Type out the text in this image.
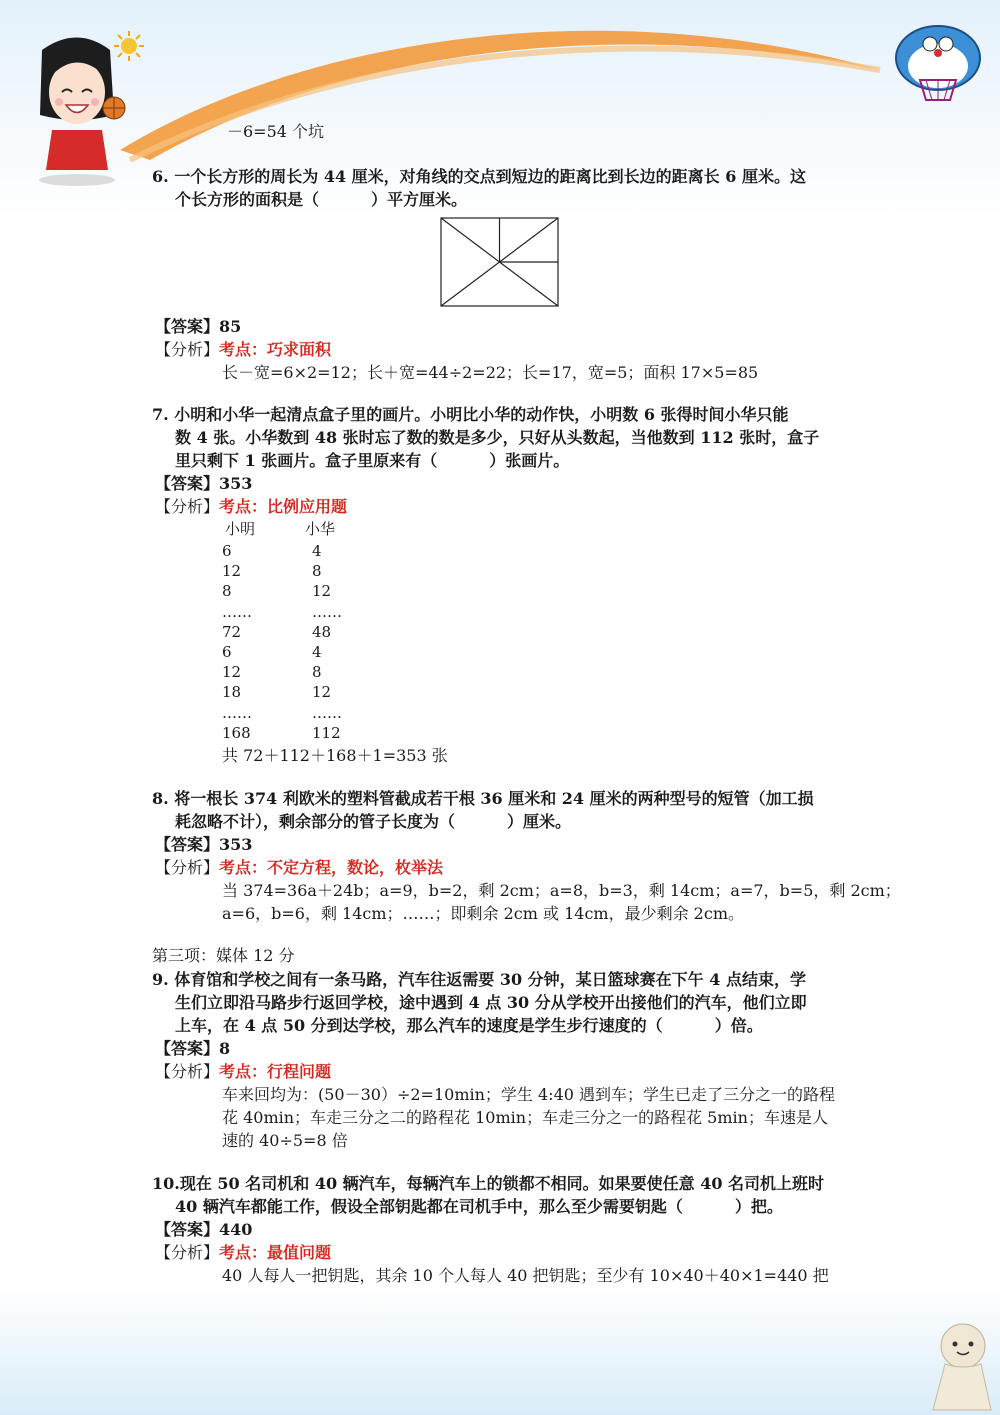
－6=54 个坑
6. 一个长方形的周长为 44 厘米，对角线的交点到短边的距离比到长边的距离长 6 厘米。这
个长方形的面积是（	）平方厘米。
【答案】85
【分析】考点：巧求面积
长－宽=6×2=12；长＋宽=44÷2=22；长=17，宽=5；面积 17×5=85
7. 小明和小华一起清点盒子里的画片。小明比小华的动作快，小明数 6 张得时间小华只能
数 4 张。小华数到 48 张时忘了数的数是多少，只好从头数起，当他数到 112 张时，盒子
里只剩下 1 张画片。盒子里原来有（	）张画片。
【答案】353
【分析】考点：比例应用题
小明	小华
6	4
12	8
8	12
……	……
72	48
6	4
12	8
18	12
……	……
168	112
共 72＋112＋168＋1=353 张
8. 将一根长 374 利欧米的塑料管截成若干根 36 厘米和 24 厘米的两种型号的短管（加工损
耗忽略不计），剩余部分的管子长度为（	）厘米。
【答案】353
【分析】考点：不定方程，数论，枚举法
当 374=36a＋24b；a=9，b=2，剩 2cm；a=8，b=3，剩 14cm；a=7，b=5，剩 2cm；
a=6，b=6，剩 14cm；……；即剩余 2cm 或 14cm，最少剩余 2cm。
第三项：媒体 12 分
9. 体育馆和学校之间有一条马路，汽车往返需要 30 分钟，某日篮球赛在下午 4 点结束，学
生们立即沿马路步行返回学校，途中遇到 4 点 30 分从学校开出接他们的汽车，他们立即
上车，在 4 点 50 分到达学校，那么汽车的速度是学生步行速度的（	）倍。
【答案】8
【分析】考点：行程问题
车来回均为：(50－30）÷2=10min；学生 4:40 遇到车；学生已走了三分之一的路程
花 40min；车走三分之二的路程花 10min；车走三分之一的路程花 5min；车速是人
速的 40÷5=8 倍
10.现在 50 名司机和 40 辆汽车，每辆汽车上的锁都不相同。如果要使任意 40 名司机上班时
40 辆汽车都能工作，假设全部钥匙都在司机手中，那么至少需要钥匙（	）把。
【答案】440
【分析】考点：最值问题
40 人每人一把钥匙，其余 10 个人每人 40 把钥匙；至少有 10×40＋40×1=440 把
